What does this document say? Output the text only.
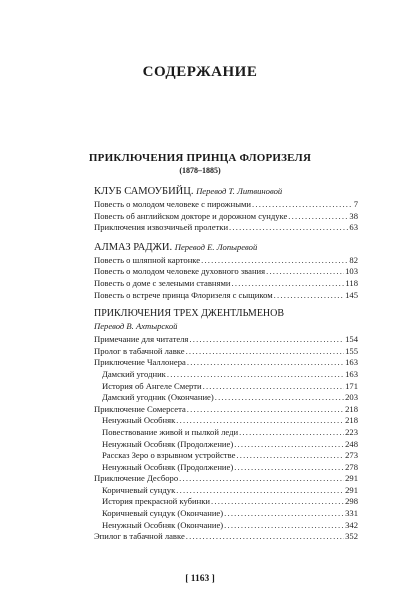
СОДЕРЖАНИЕ
ПРИКЛЮЧЕНИЯ ПРИНЦА ФЛОРИЗЕЛЯ
(1878–1885)
КЛУБ САМОУБИЙЦ. Перевод Т. Литвиновой
Повесть о молодом человеке с пирожными .....	7
Повесть об английском докторе и дорожном сундуке .....	38
Приключения извозчичьей пролетки .....	63
АЛМАЗ РАДЖИ. Перевод Е. Лопыревой
Повесть о шляпной картонке .....	82
Повесть о молодом человеке духовного звания .....	103
Повесть о доме с зелеными ставнями .....	118
Повесть о встрече принца Флоризеля с сыщиком .....	145
ПРИКЛЮЧЕНИЯ ТРЕХ ДЖЕНТЛЬМЕНОВ
Перевод В. Ахтырской
Примечание для читателя .....	154
Пролог в табачной лавке .....	155
Приключение Чаллонера .....	163
Дамский угодник .....	163
История об Ангеле Смерти .....	171
Дамский угодник (Окончание) .....	203
Приключение Сомерсета .....	218
Ненужный Особняк .....	218
Повествование живой и пылкой леди .....	223
Ненужный Особняк (Продолжение) .....	248
Рассказ Зеро о взрывном устройстве .....	273
Ненужный Особняк (Продолжение) .....	278
Приключение Десборо .....	291
Коричневый сундук .....	291
История прекрасной кубинки .....	298
Коричневый сундук (Окончание) .....	331
Ненужный Особняк (Окончание) .....	342
Эпилог в табачной лавке .....	352
[ 1163 ]
